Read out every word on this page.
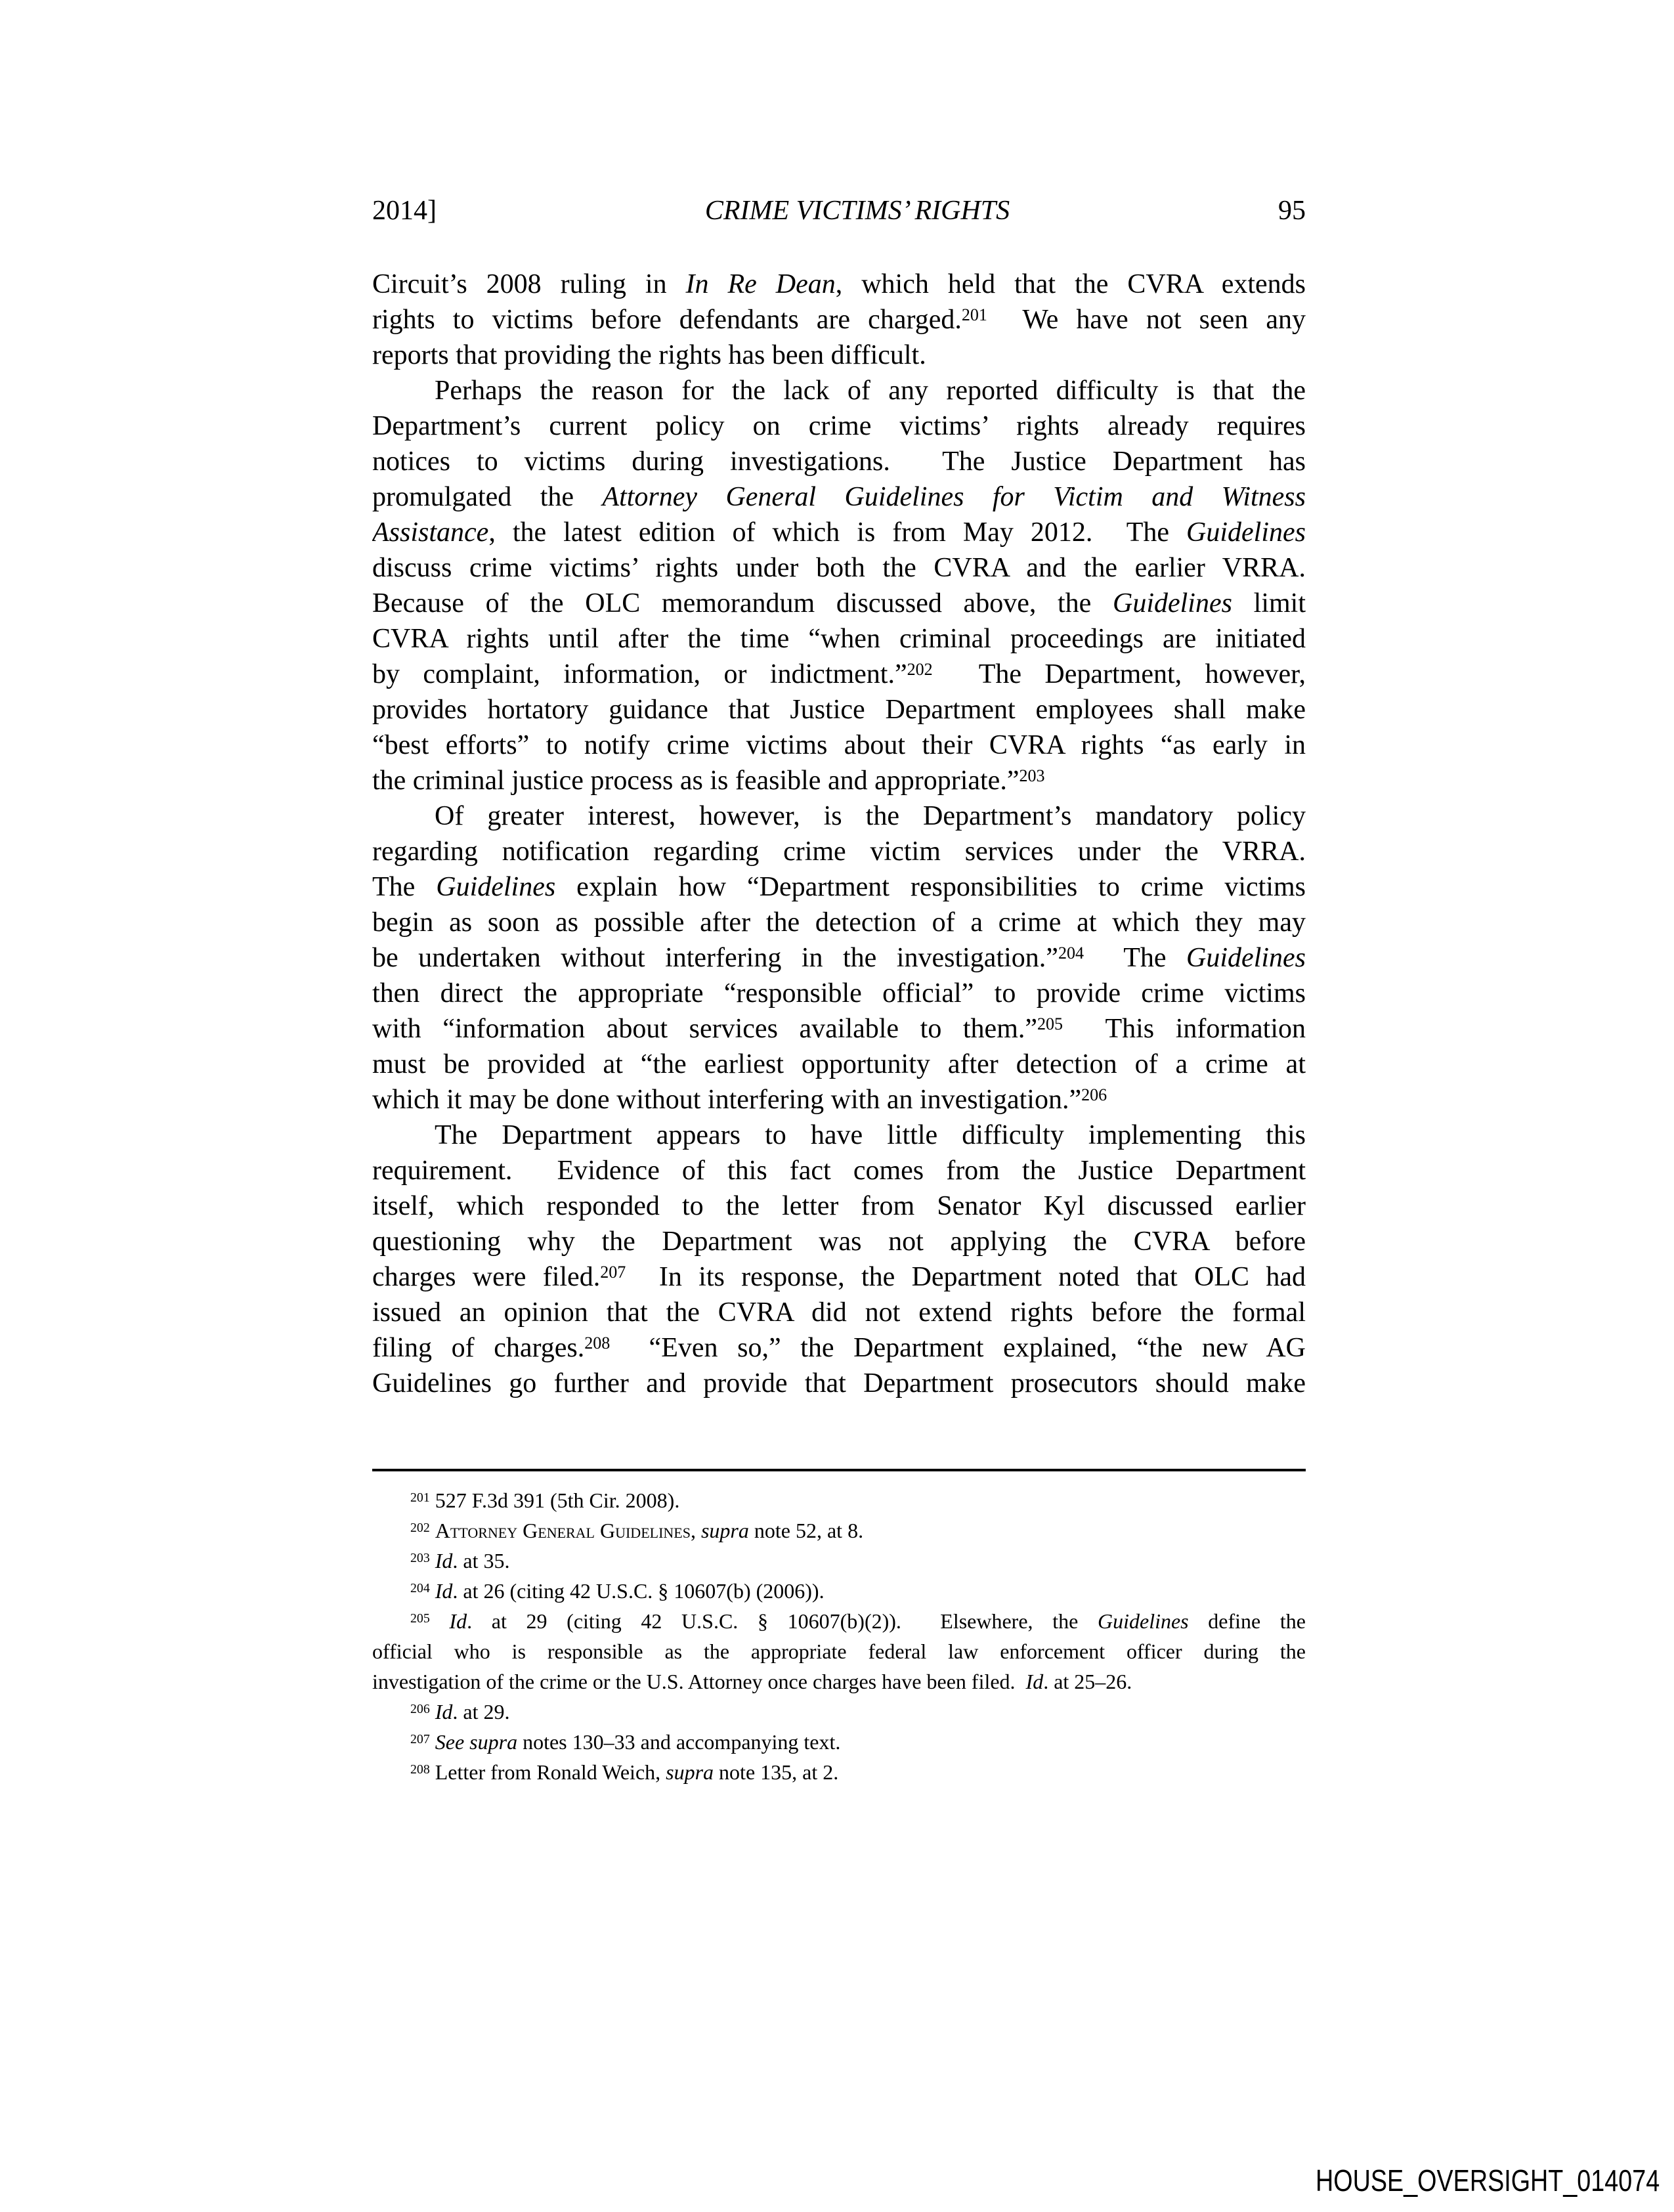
2014]	CRIME VICTIMS’ RIGHTS	95
Circuit’s 2008 ruling in In Re Dean, which held that the CVRA extends
rights to victims before defendants are charged.$^{201}$  We have not seen any
reports that providing the rights has been difficult.
Perhaps the reason for the lack of any reported difficulty is that the
Department’s current policy on crime victims’ rights already requires
notices to victims during investigations.  The Justice Department has
promulgated the Attorney General Guidelines for Victim and Witness
Assistance, the latest edition of which is from May 2012.  The Guidelines
discuss crime victims’ rights under both the CVRA and the earlier VRRA.
Because of the OLC memorandum discussed above, the Guidelines limit
CVRA rights until after the time “when criminal proceedings are initiated
by complaint, information, or indictment.”$^{202}$  The Department, however,
provides hortatory guidance that Justice Department employees shall make
“best efforts” to notify crime victims about their CVRA rights “as early in
the criminal justice process as is feasible and appropriate.”$^{203}$
Of greater interest, however, is the Department’s mandatory policy
regarding notification regarding crime victim services under the VRRA.
The Guidelines explain how “Department responsibilities to crime victims
begin as soon as possible after the detection of a crime at which they may
be undertaken without interfering in the investigation.”$^{204}$  The Guidelines
then direct the appropriate “responsible official” to provide crime victims
with “information about services available to them.”$^{205}$  This information
must be provided at “the earliest opportunity after detection of a crime at
which it may be done without interfering with an investigation.”$^{206}$
The Department appears to have little difficulty implementing this
requirement.  Evidence of this fact comes from the Justice Department
itself, which responded to the letter from Senator Kyl discussed earlier
questioning why the Department was not applying the CVRA before
charges were filed.$^{207}$  In its response, the Department noted that OLC had
issued an opinion that the CVRA did not extend rights before the formal
filing of charges.$^{208}$  “Even so,” the Department explained, “the new AG
Guidelines go further and provide that Department prosecutors should make
$^{201}$ 527 F.3d 391 (5th Cir. 2008).
$^{202}$ Attorney General Guidelines, supra note 52, at 8.
$^{203}$ Id. at 35.
$^{204}$ Id. at 26 (citing 42 U.S.C. § 10607(b) (2006)).
$^{205}$ Id. at 29 (citing 42 U.S.C. § 10607(b)(2)).  Elsewhere, the Guidelines define the
official who is responsible as the appropriate federal law enforcement officer during the
investigation of the crime or the U.S. Attorney once charges have been filed.  Id. at 25–26.
$^{206}$ Id. at 29.
$^{207}$ See supra notes 130–33 and accompanying text.
$^{208}$ Letter from Ronald Weich, supra note 135, at 2.
HOUSE_OVERSIGHT_014074
